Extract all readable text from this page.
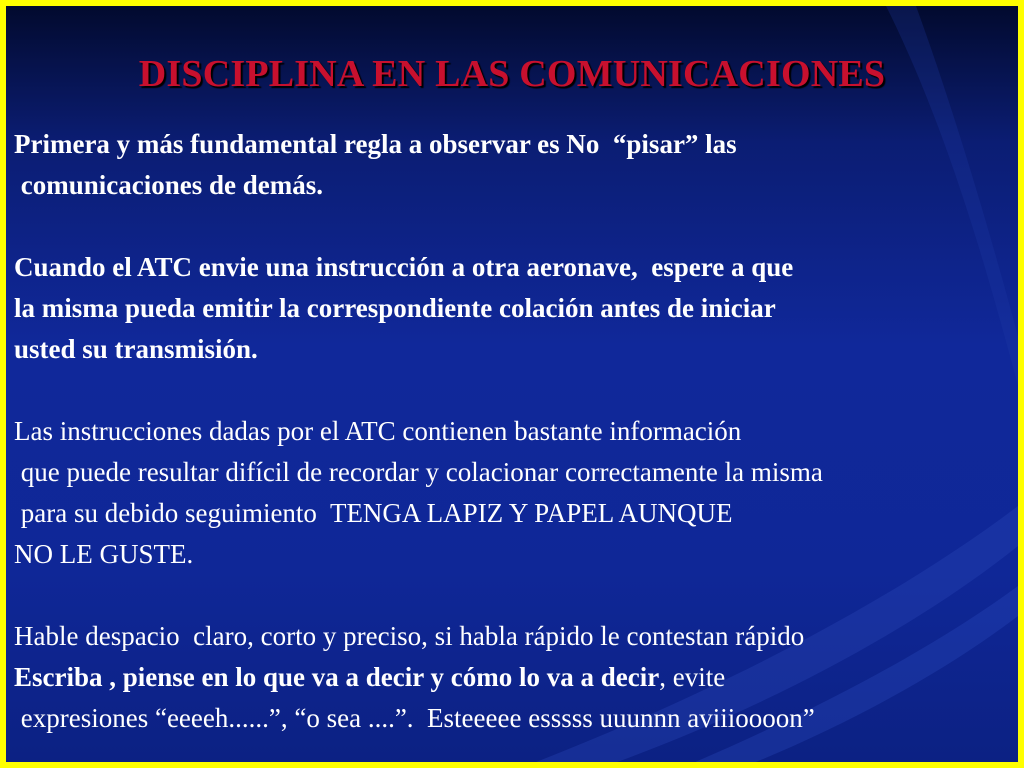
DISCIPLINA EN LAS COMUNICACIONES
Primera y más fundamental regla a observar es No  “pisar” las
comunicaciones de demás.
Cuando el ATC envie una instrucción a otra aeronave,  espere a que
la misma pueda emitir la correspondiente colación antes de iniciar
usted su transmisión.
Las instrucciones dadas por el ATC contienen bastante información
que puede resultar difícil de recordar y colacionar correctamente la misma
para su debido seguimiento  TENGA LAPIZ Y PAPEL AUNQUE
NO LE GUSTE.
Hable despacio  claro, corto y preciso, si habla rápido le contestan rápido
Escriba , piense en lo que va a decir y cómo lo va a decir, evite
expresiones “eeeeh......”, “o sea ....”.  Esteeeee esssss uuunnn aviiioooon”
